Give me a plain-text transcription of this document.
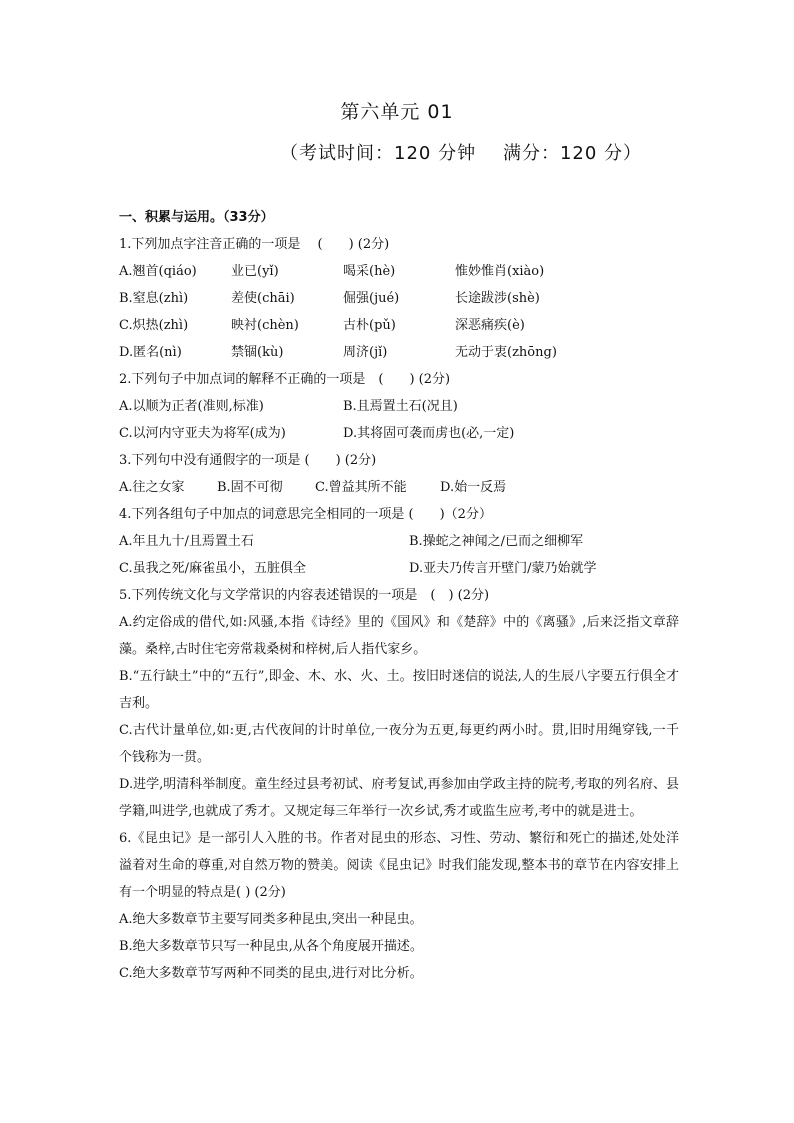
第六单元 01
（考试时间：120 分钟    满分：120 分）
一、积累与运用。（33分）
1.下列加点字注音正确的一项是　 (　　) (2分)
A.翘首(qiáo)	业已(yǐ)	喝采(hè)	惟妙惟肖(xiào)
B.窒息(zhì)	差使(chāi)	倔强(jué)	长途跋涉(shè)
C.炽热(zhì)	映衬(chèn)	古朴(pǔ)	深恶痛疾(è)
D.匿名(nì)	禁锢(kù)	周济(jǐ)	无动于衷(zhōng)
2.下列句子中加点词的解释不正确的一项是　(　　) (2分)
A.以顺为正者(准则,标准)	B.且焉置土石(况且)
C.以河内守亚夫为将军(成为)	D.其将固可袭而虏也(必,一定)
3.下列句中没有通假字的一项是 (　　) (2分)
A.往之女家	B.固不可彻	C.曾益其所不能	D.始一反焉
4.下列各组句子中加点的词意思完全相同的一项是 (　　)（2分）
A.年且九十/且焉置土石	B.操蛇之神闻之/已而之细柳军
C.虽我之死/麻雀虽小，五脏俱全	D.亚夫乃传言开壁门/蒙乃始就学
5.下列传统文化与文学常识的内容表述错误的一项是　(　) (2分)
A.约定俗成的借代,如:风骚,本指《诗经》里的《国风》和《楚辞》中的《离骚》,后来泛指文章辞藻。桑梓,古时住宅旁常栽桑树和梓树,后人指代家乡。
B.“五行缺土”中的“五行”,即金、木、水、火、土。按旧时迷信的说法,人的生辰八字要五行俱全才吉利。
C.古代计量单位,如:更,古代夜间的计时单位,一夜分为五更,每更约两小时。贯,旧时用绳穿钱,一千个钱称为一贯。
D.进学,明清科举制度。童生经过县考初试、府考复试,再参加由学政主持的院考,考取的列名府、县学籍,叫进学,也就成了秀才。又规定每三年举行一次乡试,秀才或监生应考,考中的就是进士。
6.《昆虫记》是一部引人入胜的书。作者对昆虫的形态、习性、劳动、繁衍和死亡的描述,处处洋溢着对生命的尊重,对自然万物的赞美。阅读《昆虫记》时我们能发现,整本书的章节在内容安排上有一个明显的特点是( ) (2分)
A.绝大多数章节主要写同类多种昆虫,突出一种昆虫。
B.绝大多数章节只写一种昆虫,从各个角度展开描述。
C.绝大多数章节写两种不同类的昆虫,进行对比分析。
